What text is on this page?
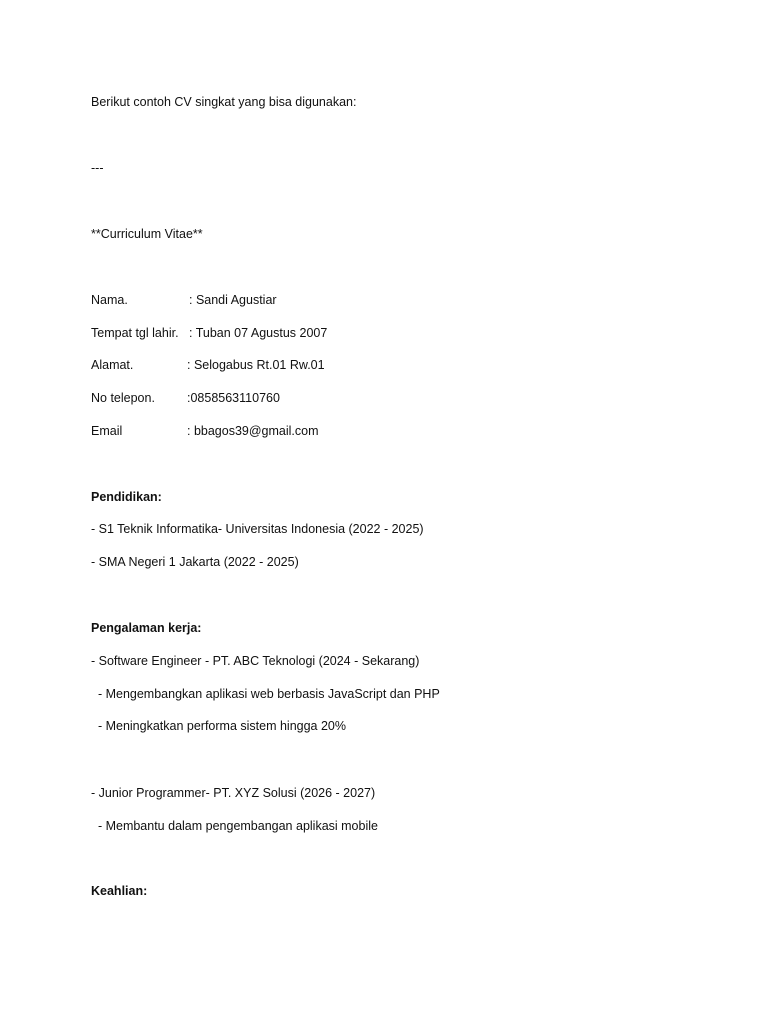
Berikut contoh CV singkat yang bisa digunakan:
---
**Curriculum Vitae**
Nama.	: Sandi Agustiar
Tempat tgl lahir. : Tuban 07 Agustus 2007
Alamat.	: Selogabus Rt.01 Rw.01
No telepon.	:0858563110760
Email	: bbagos39@gmail.com
Pendidikan:
- S1 Teknik Informatika- Universitas Indonesia (2022 - 2025)
- SMA Negeri 1 Jakarta (2022 - 2025)
Pengalaman kerja:
- Software Engineer - PT. ABC Teknologi (2024 - Sekarang)
- Mengembangkan aplikasi web berbasis JavaScript dan PHP
- Meningkatkan performa sistem hingga 20%
- Junior Programmer- PT. XYZ Solusi (2026 - 2027)
- Membantu dalam pengembangan aplikasi mobile
Keahlian:
